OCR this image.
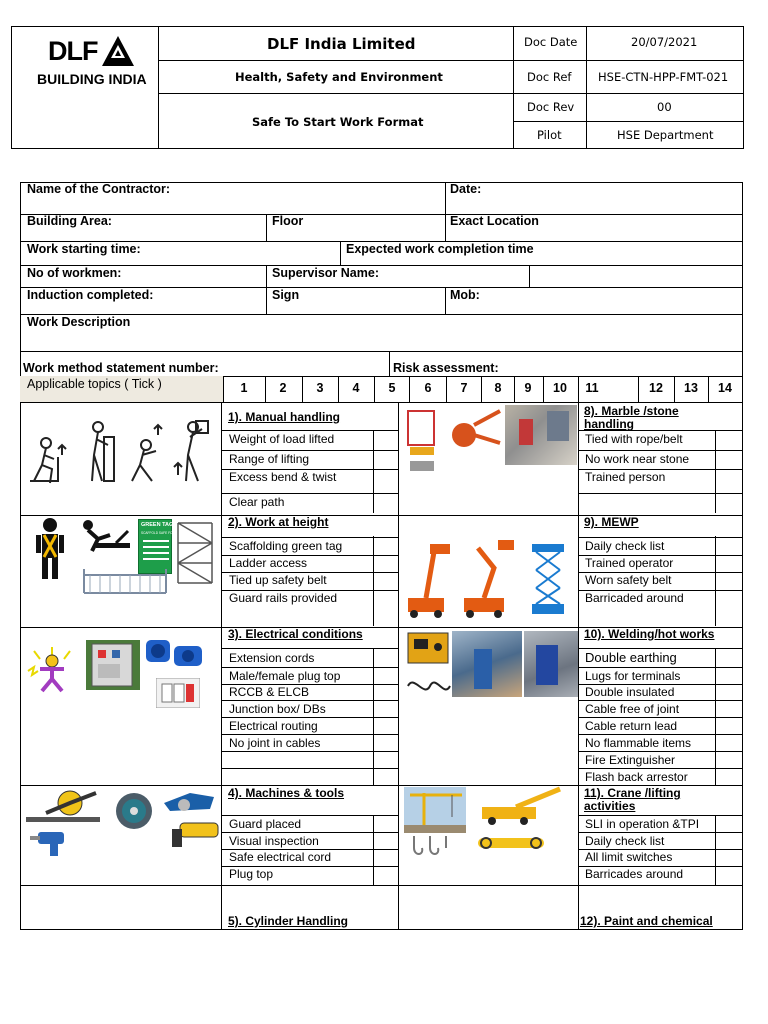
DLF
BUILDING INDIA
DLF India Limited
Health, Safety and Environment
Safe To Start Work Format
Doc Date	20/07/2021
Doc Ref HSE-CTN-HPP-FMT-021
Doc Rev	00
Pilot	HSE Department
Name of the Contractor:	Date:
Building Area:	Floor	Exact Location
Work starting time:	Expected work completion time
No of workmen:	Supervisor Name:
Induction completed:	Sign	Mob:
Work Description
Work method statement number:	Risk assessment:
Applicable topics ( Tick )	1	2	3	4	5	6	7	8	9	10	11	12	13	14
1). Manual handling
Weight of load lifted
Range of lifting
Excess bend & twist
Clear path
8). Marble /stone handling
Tied with rope/belt
No work near stone
Trained person
2). Work at height
Scaffolding green tag
Ladder access
Tied up safety belt
Guard rails provided
9). MEWP
Daily check list
Trained operator
Worn safety belt
Barricaded around
3). Electrical conditions
Extension cords
Male/female plug top
RCCB & ELCB
Junction box/ DBs
Electrical routing
No joint in cables
10). Welding/hot works
Double earthing
Lugs for terminals
Double insulated
Cable free of joint
Cable return lead
No flammable items
Fire Extinguisher
Flash back arrestor
4). Machines & tools
Guard placed
Visual inspection
Safe electrical cord
Plug top
11). Crane /lifting activities
SLI in operation &TPI
Daily check list
All limit switches
Barricades around
5). Cylinder Handling	12). Paint and chemical
GREEN TAG
SCAFFOLD SAFE FOR USE
